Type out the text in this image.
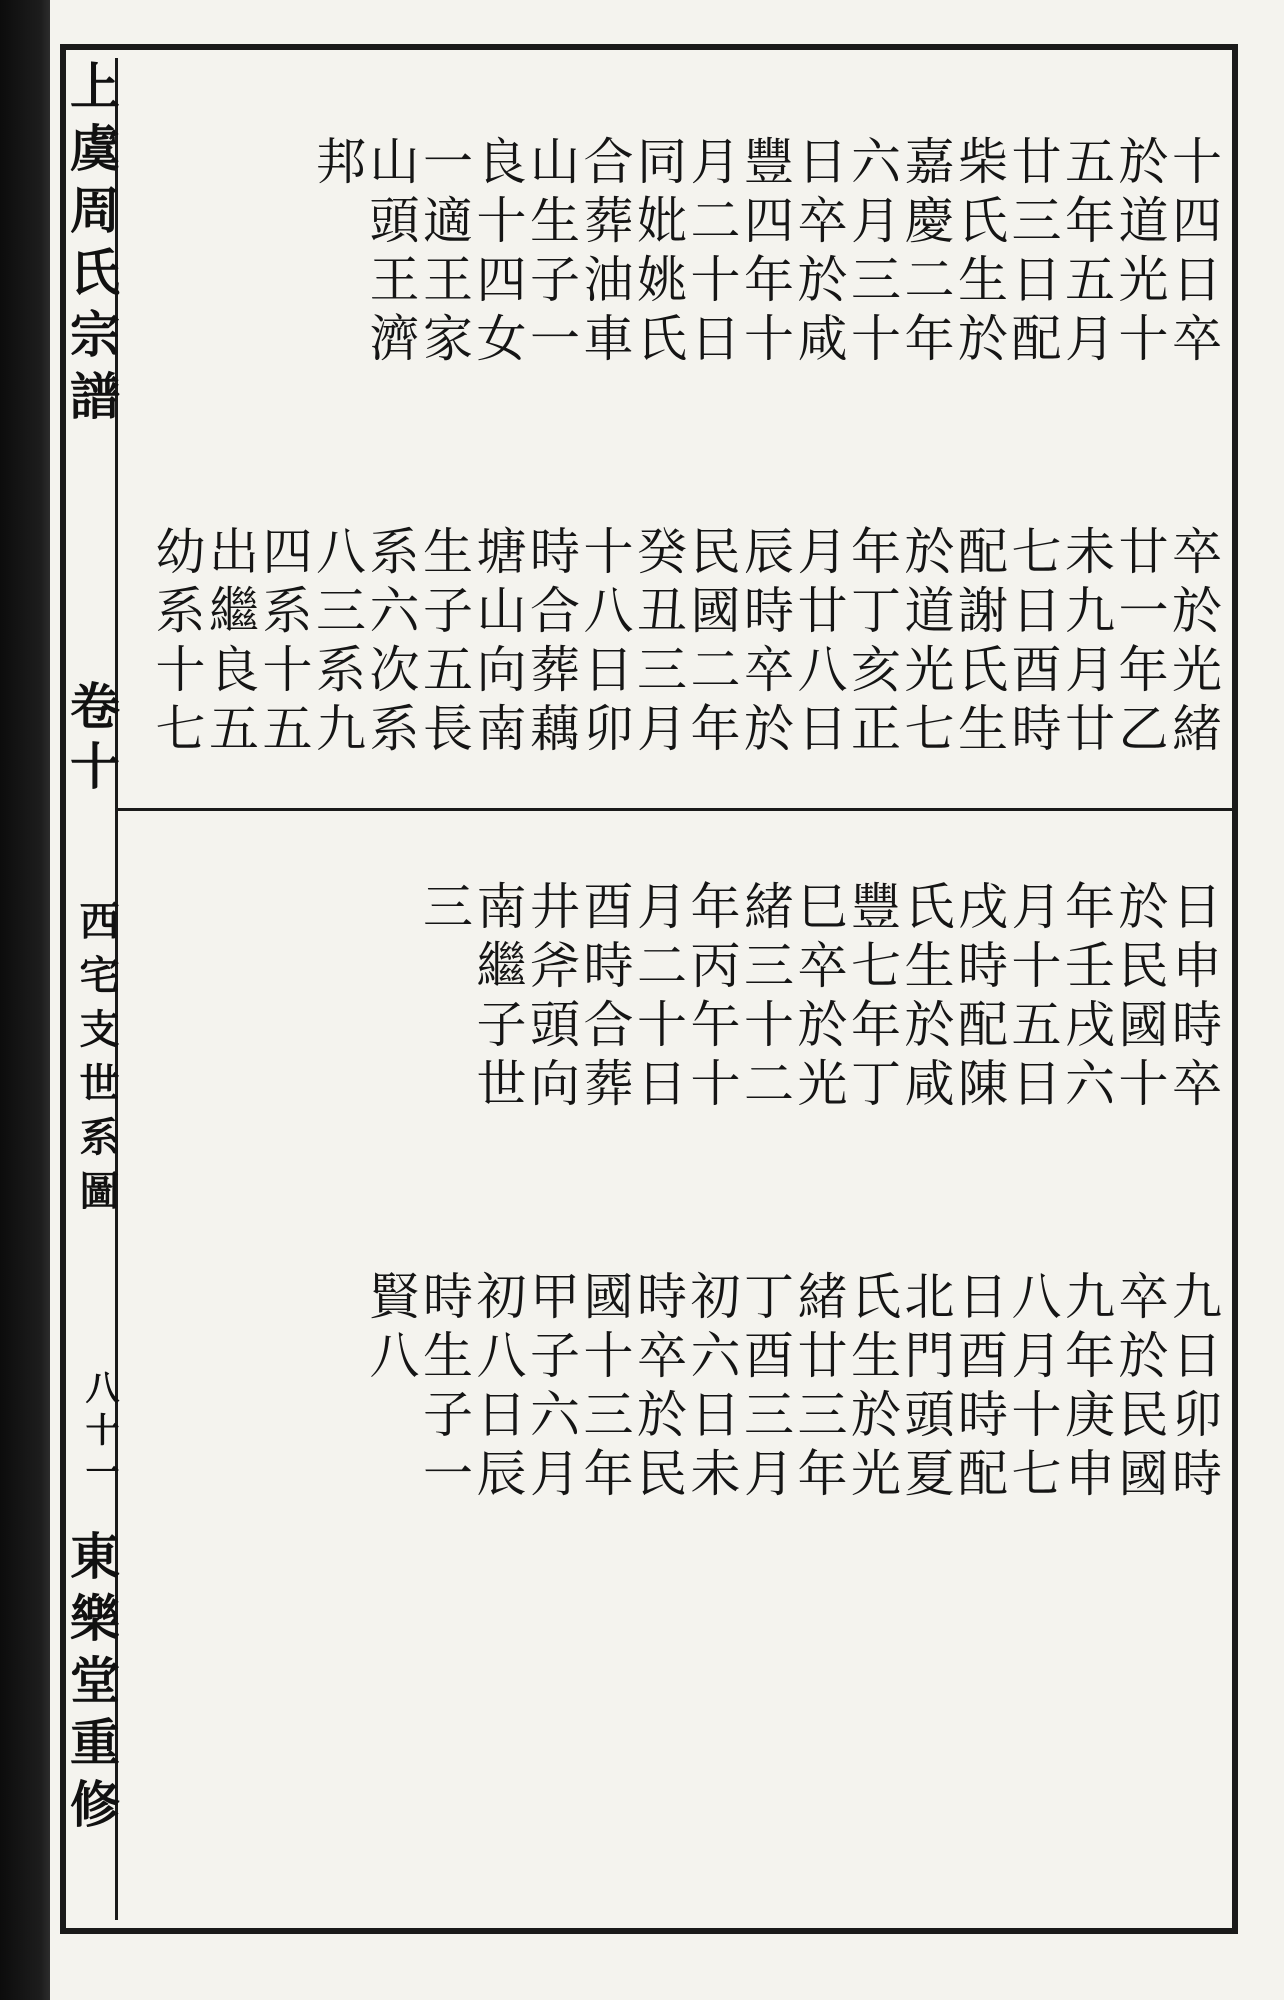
上虞周氏宗譜
卷十
西宅支世系圖
八十一
東樂堂重修
十四日卒
於道光十
五年五月
廿三日配
柴氏生於
嘉慶二年
六月三十
日卒於咸
豐四年十
月二十日
同妣姚氏
合葬油車
山生子一
良十四女
一適王家
山頭王濟
邦
卒於光緒
廿一年乙
未九月廿
七日酉時
配謝氏生
於道光七
年丁亥正
月廿八日
辰時卒於
民國二年
癸丑三月
十八日卯
時合葬藕
塘山向南
生子五長
系六次系
八三系九
四系十五
出繼良五
幼系十七
日申時卒
於民國十
年壬戌六
月十五日
戌時配陳
氏生於咸
豐七年丁
巳卒於光
緒三十二
年丙午十
月二十日
酉時合葬
井斧頭向
南繼子世
三
九日卯時
卒於民國
九年庚申
八月十七
日酉時配
北門頭夏
氏生於光
緒廿三年
丁酉三月
初六日未
時卒於民
國十三年
甲子六月
初八日辰
時生子一
賢八
